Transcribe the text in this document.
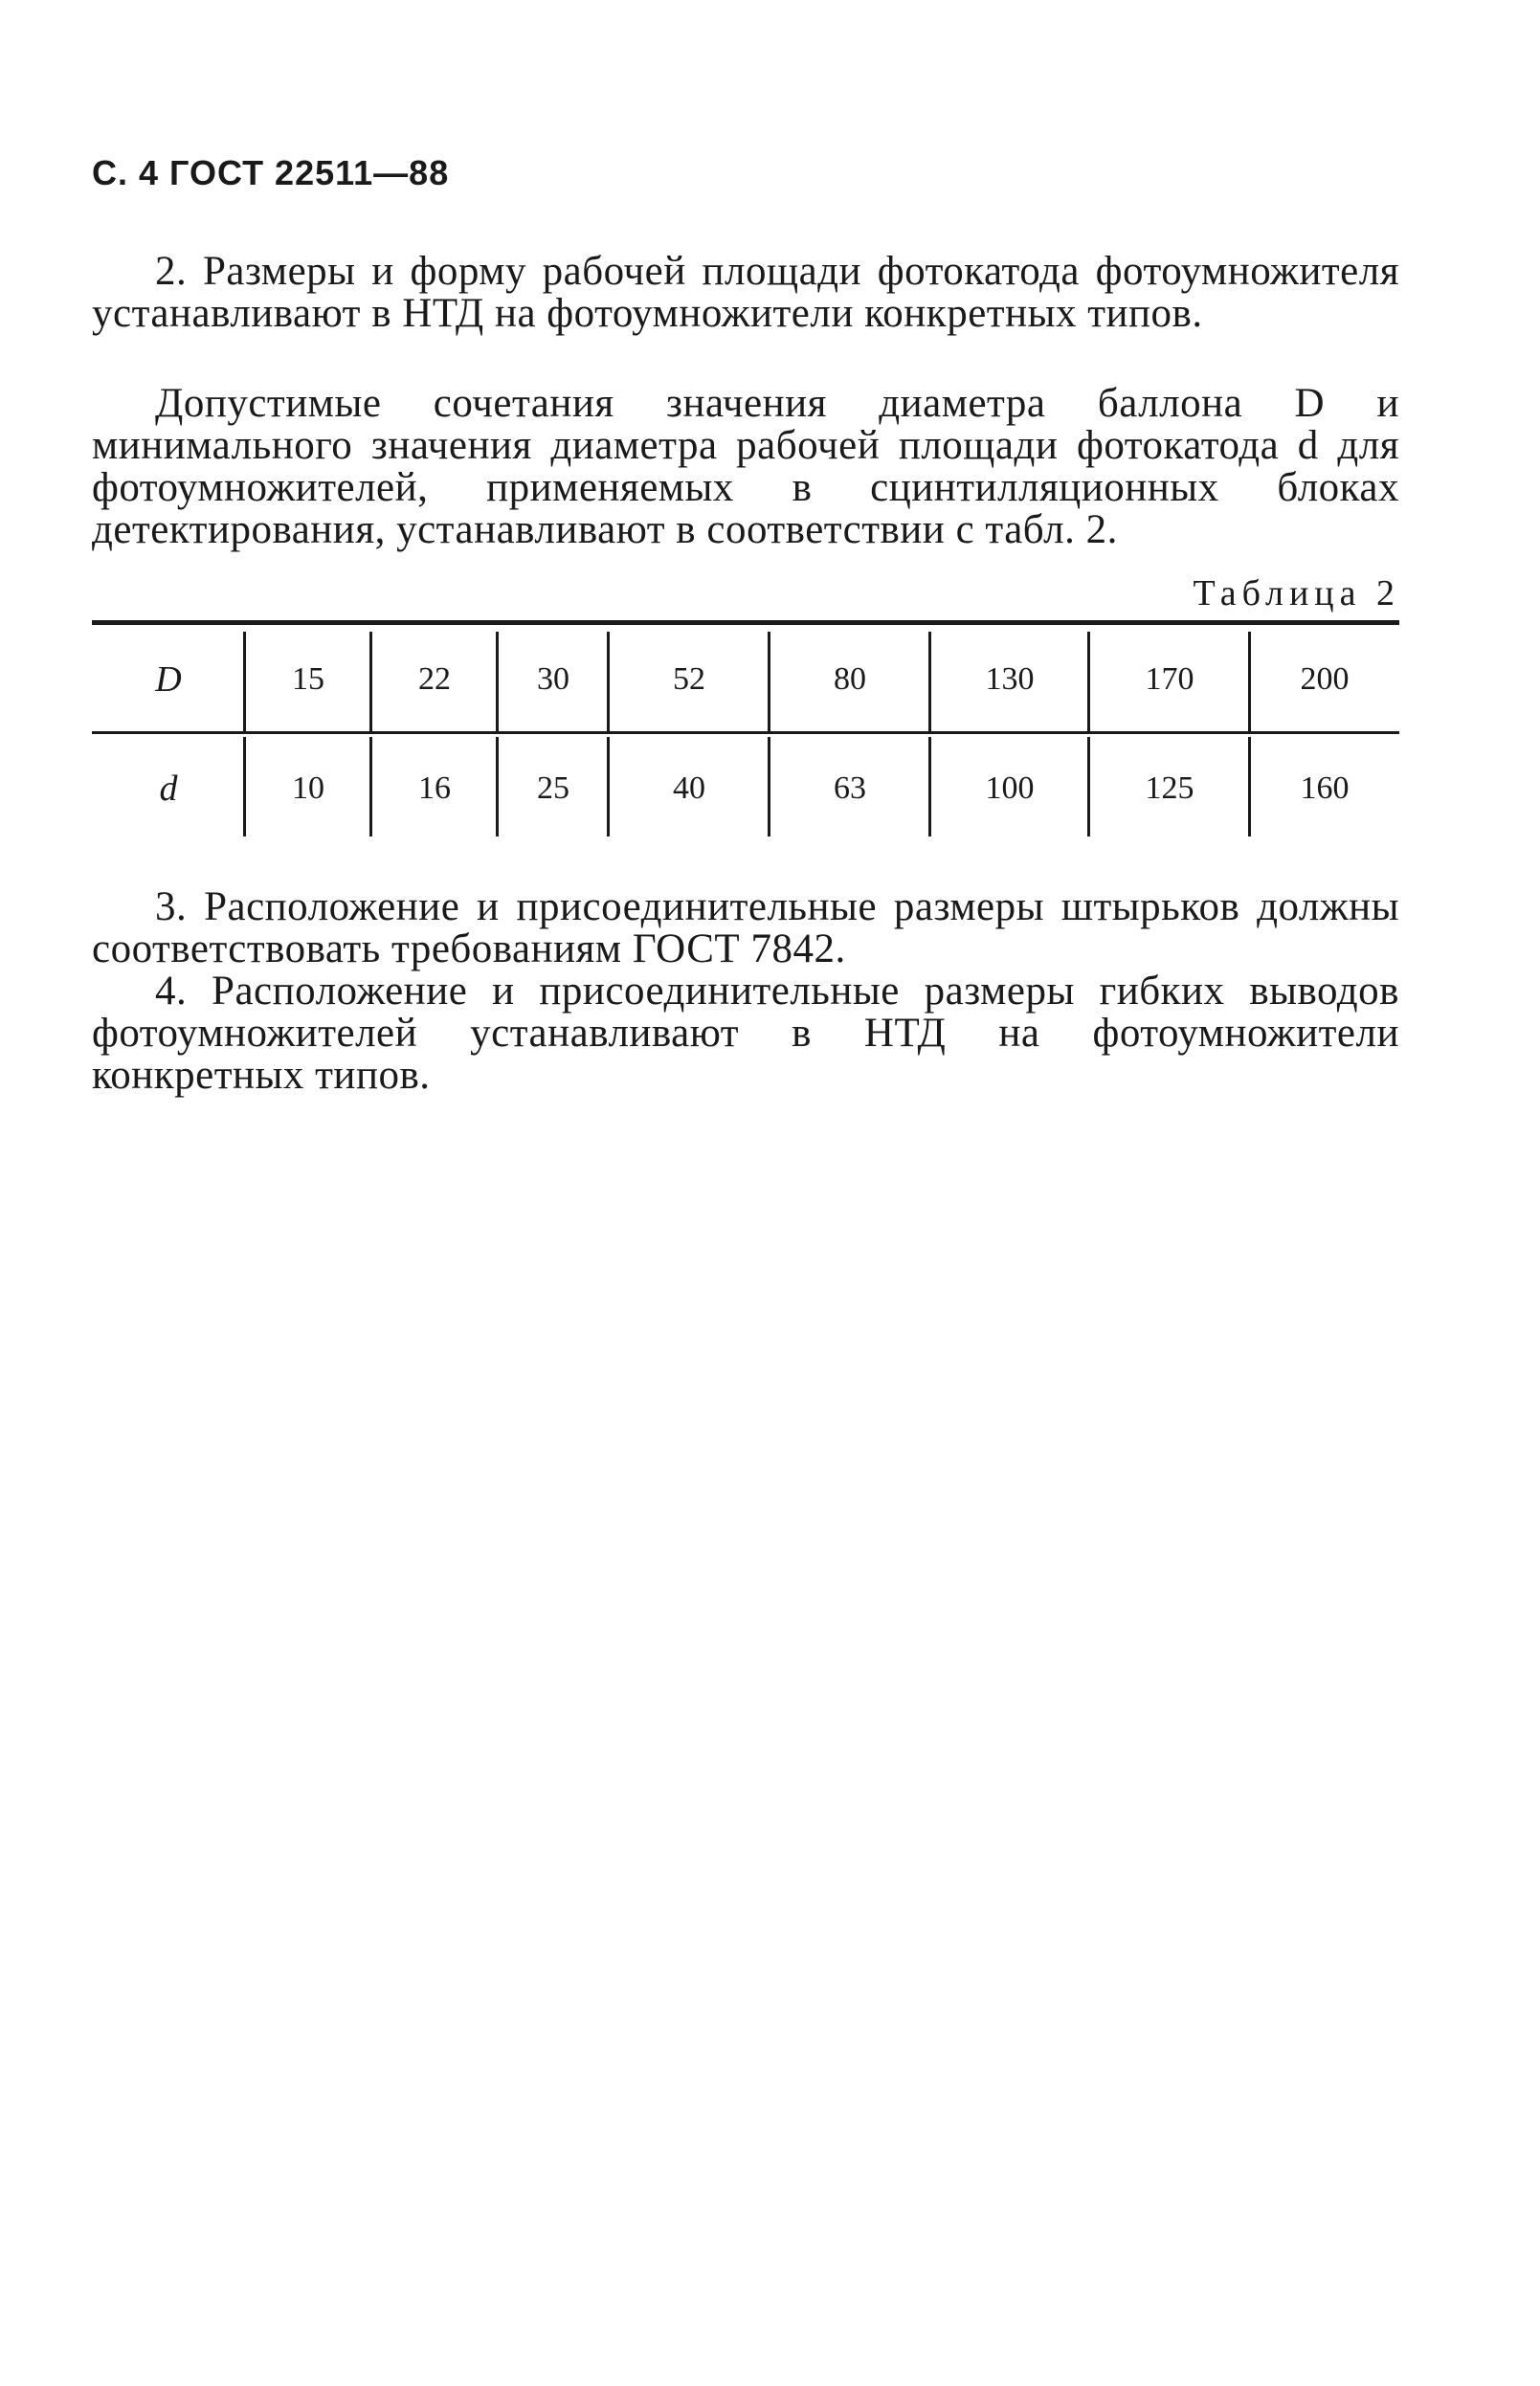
С. 4 ГОСТ 22511—88

2. Размеры и форму рабочей площади фотокатода фотоумножителя устанавливают в НТД на фотоумножители конкретных типов.

Допустимые сочетания значения диаметра баллона D и минимального значения диаметра рабочей площади фотокатода d для фотоумножителей, применяемых в сцинтилляционных блоках детектирования, устанавливают в соответствии с табл. 2.

Таблица 2
D	15	22	30	52	80	130	170	200
d	10	16	25	40	63	100	125	160

3. Расположение и присоединительные размеры штырьков должны соответствовать требованиям ГОСТ 7842.

4. Расположение и присоединительные размеры гибких выводов фотоумножителей устанавливают в НТД на фотоумножители конкретных типов.
